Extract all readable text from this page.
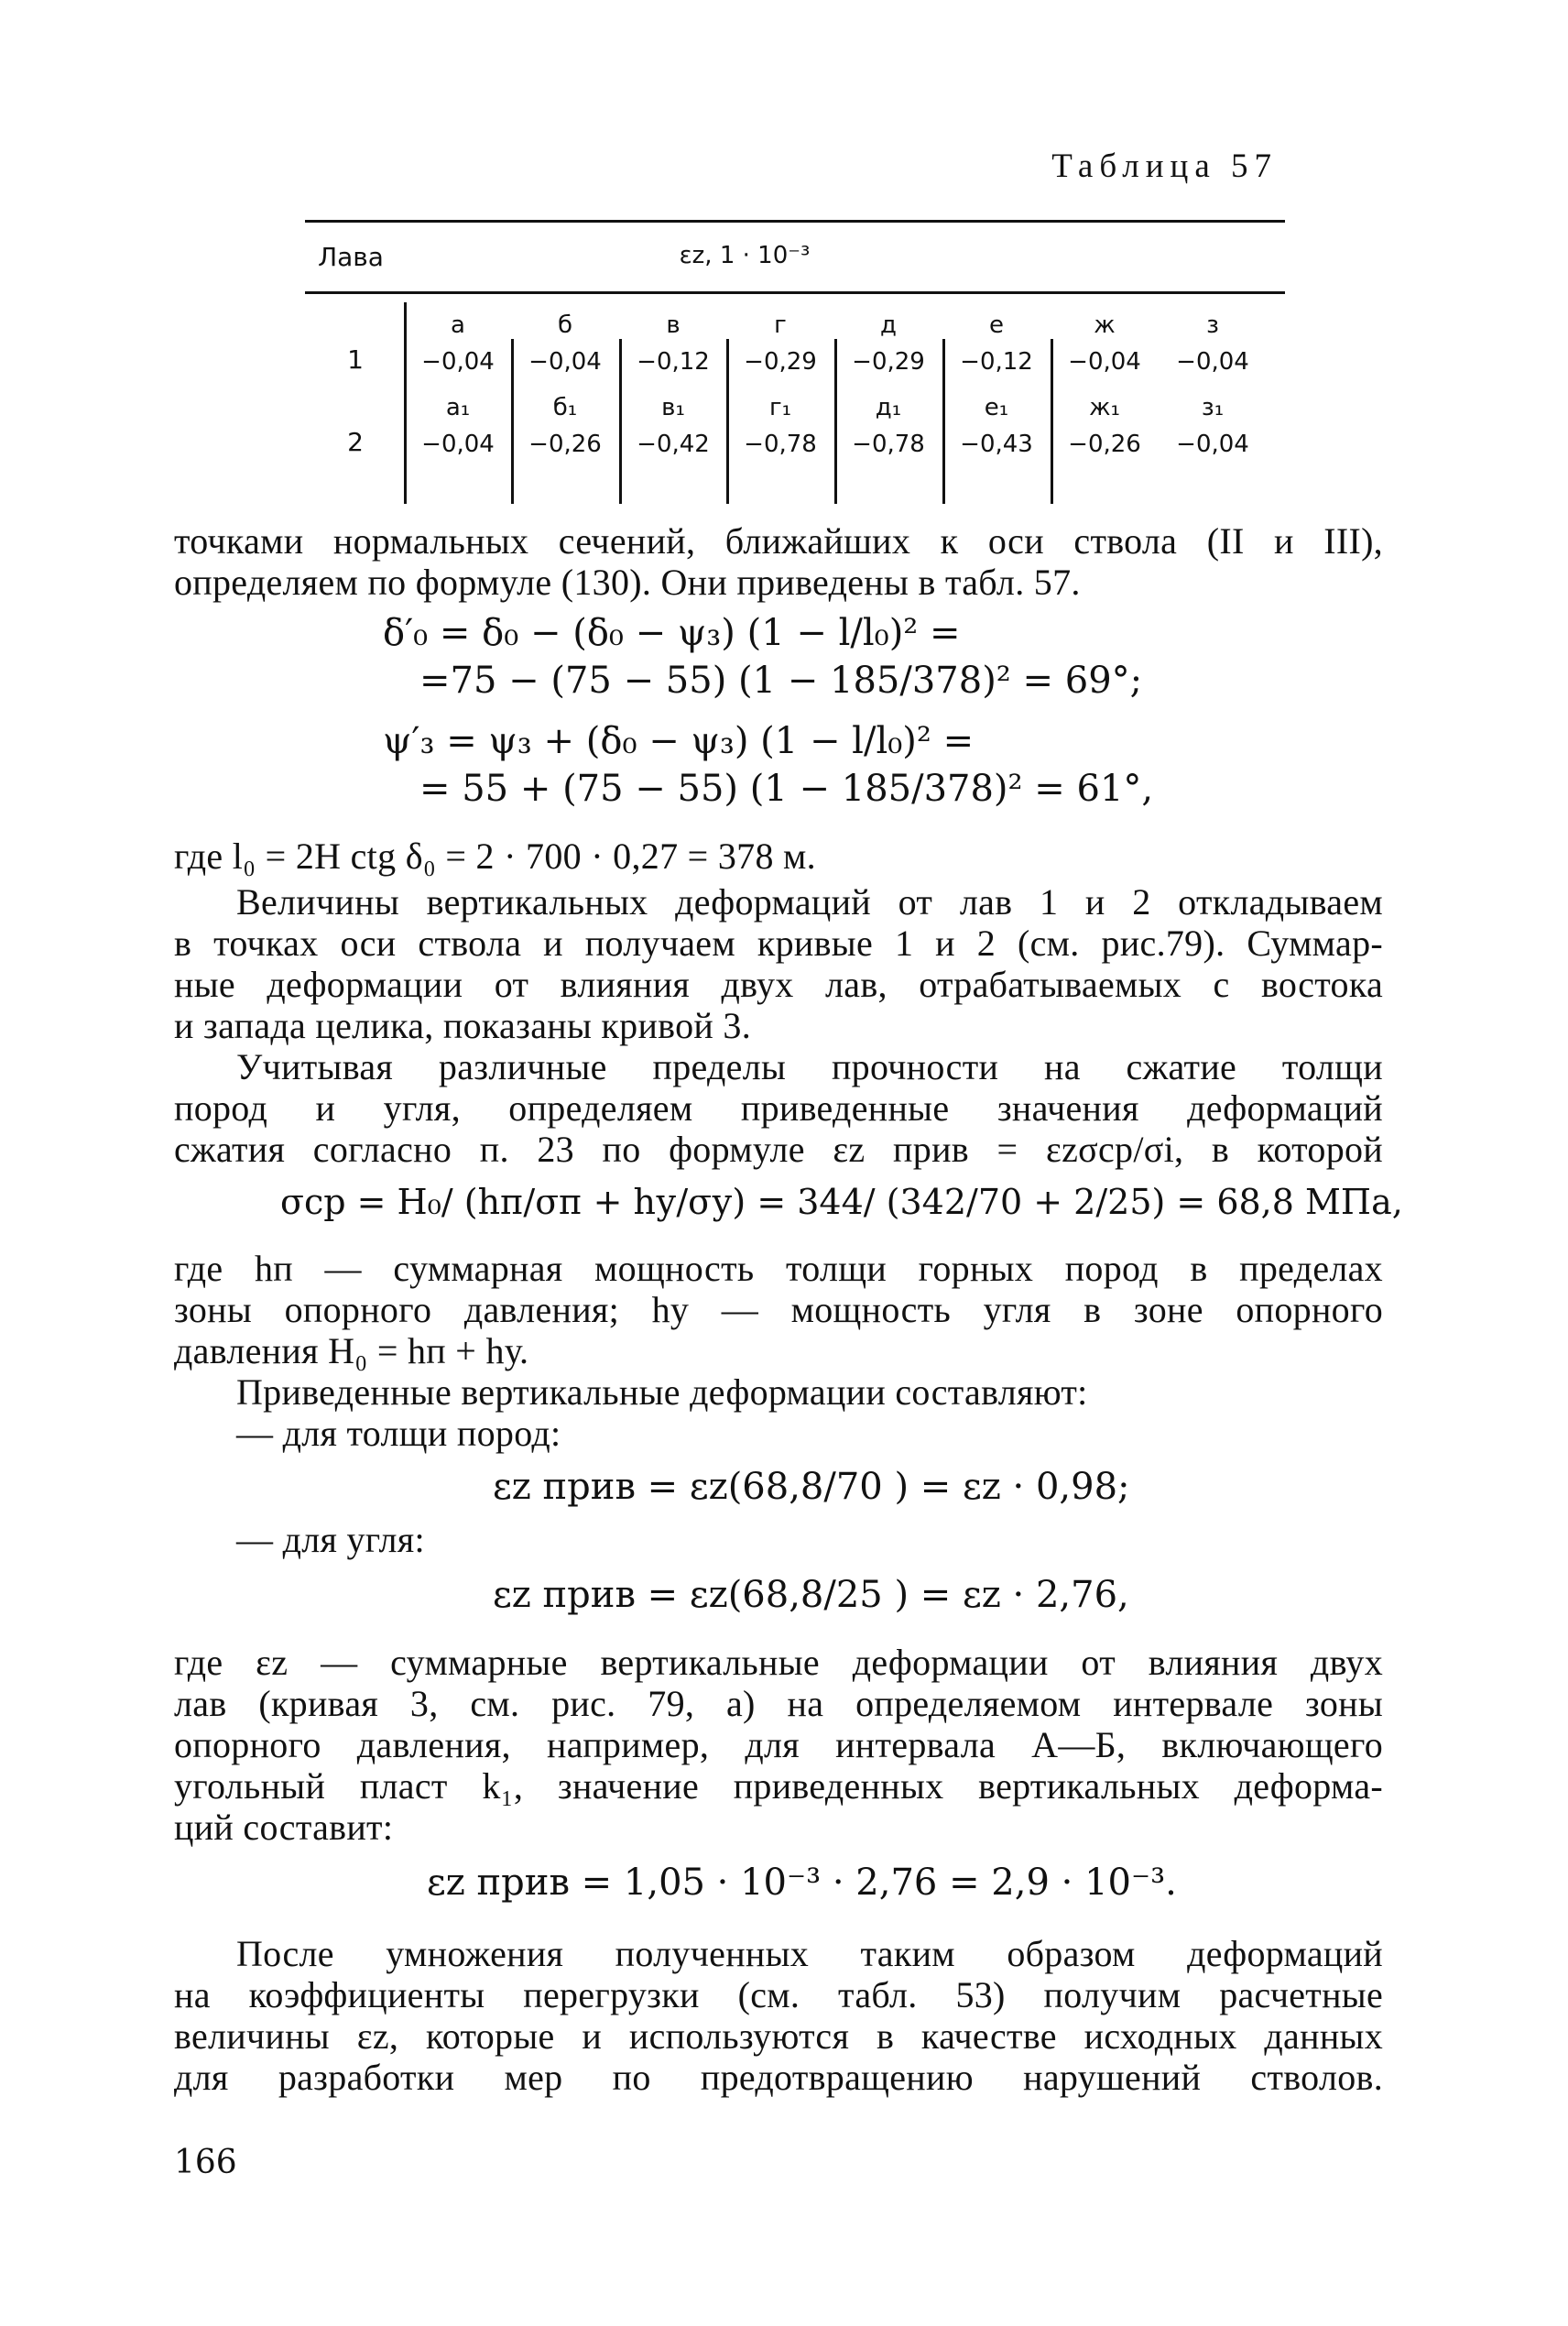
Таблица 57
Лава	εz, 1 · 10⁻³
1
2
а
−0,04
б
−0,04
в
−0,12
г
−0,29
д
−0,29
е
−0,12
ж
−0,04
з
−0,04
а₁
−0,04
б₁
−0,26
в₁
−0,42
г₁
−0,78
д₁
−0,78
е₁
−0,43
ж₁
−0,26
з₁
−0,04
точками нормальных сечений, ближайших к оси ствола (II и III),
определяем по формуле (130). Они приведены в табл. 57.
δ′₀ = δ₀ − (δ₀ − ψ₃) (1 − l/l₀)² =
=75 − (75 − 55) (1 − 185/378)² = 69°;
ψ′₃ = ψ₃ + (δ₀ − ψ₃) (1 − l/l₀)² =
= 55 + (75 − 55) (1 − 185/378)² = 61°,
где l₀ = 2H ctg δ₀ = 2 · 700 · 0,27 = 378 м.
Величины вертикальных деформаций от лав 1 и 2 откладываем
в точках оси ствола и получаем кривые 1 и 2 (см. рис.79). Суммар-
ные деформации от влияния двух лав, отрабатываемых с востока
и запада целика, показаны кривой 3.
Учитывая различные пределы прочности на сжатие толщи
пород и угля, определяем приведенные значения деформаций
сжатия согласно п. 23 по формуле εz прив = εzσср/σi, в которой
σср = H₀/ (hп/σп + hу/σу) = 344/ (342/70 + 2/25) = 68,8 МПа,
где hп — суммарная мощность толщи горных пород в пределах
зоны опорного давления; hу — мощность угля в зоне опорного
давления H₀ = hп + hу.
Приведенные вертикальные деформации составляют:
— для толщи пород:
εz прив = εz(68,8/70 ) = εz · 0,98;
— для угля:
εz прив = εz(68,8/25 ) = εz · 2,76,
где εz — суммарные вертикальные деформации от влияния двух
лав (кривая 3, см. рис. 79, а) на определяемом интервале зоны
опорного давления, например, для интервала А—Б, включающего
угольный пласт k₁, значение приведенных вертикальных деформа-
ций составит:
εz прив = 1,05 · 10⁻³ · 2,76 = 2,9 · 10⁻³.
После умножения полученных таким образом деформаций
на коэффициенты перегрузки (см. табл. 53) получим расчетные
величины εz, которые и используются в качестве исходных данных
для разработки мер по предотвращению нарушений стволов.
166
